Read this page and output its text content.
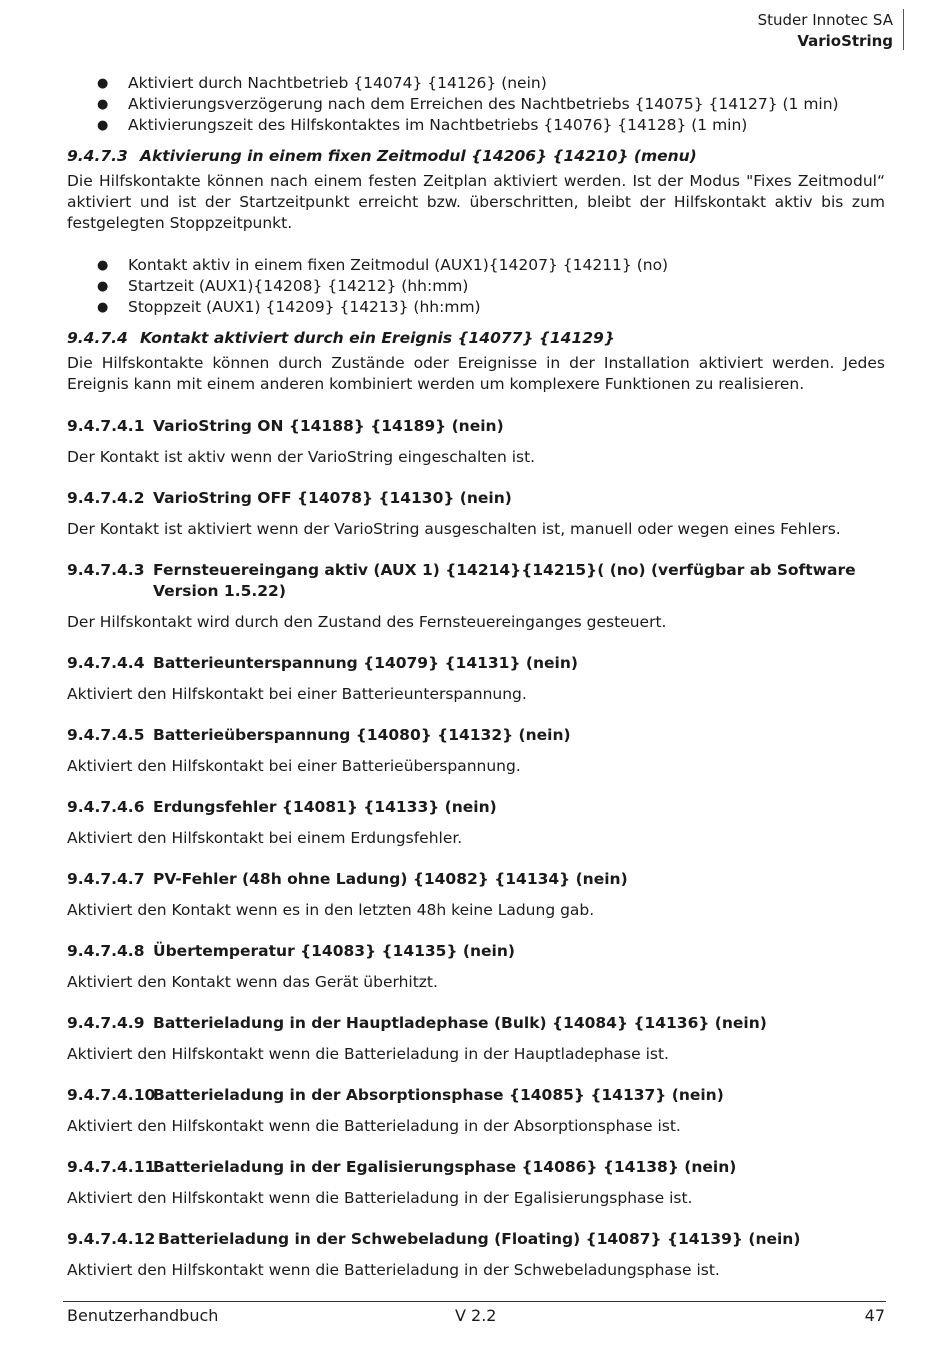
Studer Innotec SA
VarioString
● Aktiviert durch Nachtbetrieb {14074} {14126} (nein)
● Aktivierungsverzögerung nach dem Erreichen des Nachtbetriebs {14075} {14127} (1 min)
● Aktivierungszeit des Hilfskontaktes im Nachtbetriebs {14076} {14128} (1 min)
9.4.7.3 Aktivierung in einem fixen Zeitmodul {14206} {14210} (menu)

Die Hilfskontakte können nach einem festen Zeitplan aktiviert werden. Ist der Modus "Fixes Zeitmodul“ aktiviert und ist der Startzeitpunkt erreicht bzw. überschritten, bleibt der Hilfskontakt aktiv bis zum festgelegten Stoppzeitpunkt.

● Kontakt aktiv in einem fixen Zeitmodul (AUX1){14207} {14211} (no)
● Startzeit (AUX1){14208} {14212} (hh:mm)
● Stoppzeit (AUX1) {14209} {14213} (hh:mm)
9.4.7.4 Kontakt aktiviert durch ein Ereignis {14077} {14129}

Die Hilfskontakte können durch Zustände oder Ereignisse in der Installation aktiviert werden. Jedes Ereignis kann mit einem anderen kombiniert werden um komplexere Funktionen zu realisieren.

9.4.7.4.1 VarioString ON {14188} {14189} (nein)

Der Kontakt ist aktiv wenn der VarioString eingeschalten ist.

9.4.7.4.2 VarioString OFF {14078} {14130} (nein)

Der Kontakt ist aktiviert wenn der VarioString ausgeschalten ist, manuell oder wegen eines Fehlers.

9.4.7.4.3 Fernsteuereingang aktiv (AUX 1) {14214}{14215}( (no) (verfügbar ab Software Version 1.5.22)

Der Hilfskontakt wird durch den Zustand des Fernsteuereinganges gesteuert.

9.4.7.4.4 Batterieunterspannung {14079} {14131} (nein)

Aktiviert den Hilfskontakt bei einer Batterieunterspannung.

9.4.7.4.5 Batterieüberspannung {14080} {14132} (nein)

Aktiviert den Hilfskontakt bei einer Batterieüberspannung.

9.4.7.4.6 Erdungsfehler {14081} {14133} (nein)

Aktiviert den Hilfskontakt bei einem Erdungsfehler.

9.4.7.4.7 PV-Fehler (48h ohne Ladung) {14082} {14134} (nein)

Aktiviert den Kontakt wenn es in den letzten 48h keine Ladung gab.

9.4.7.4.8 Übertemperatur {14083} {14135} (nein)

Aktiviert den Kontakt wenn das Gerät überhitzt.

9.4.7.4.9 Batterieladung in der Hauptladephase (Bulk) {14084} {14136} (nein)

Aktiviert den Hilfskontakt wenn die Batterieladung in der Hauptladephase ist.

9.4.7.4.10
Batterieladung in der Absorptionsphase {14085} {14137} (nein)

Aktiviert den Hilfskontakt wenn die Batterieladung in der Absorptionsphase ist.

9.4.7.4.11
Batterieladung in der Egalisierungsphase {14086} {14138} (nein)

Aktiviert den Hilfskontakt wenn die Batterieladung in der Egalisierungsphase ist.

9.4.7.4.12 Batterieladung in der Schwebeladung (Floating) {14087} {14139} (nein)

Aktiviert den Hilfskontakt wenn die Batterieladung in der Schwebeladungsphase ist.

Benutzerhandbuch	V 2.2	47
